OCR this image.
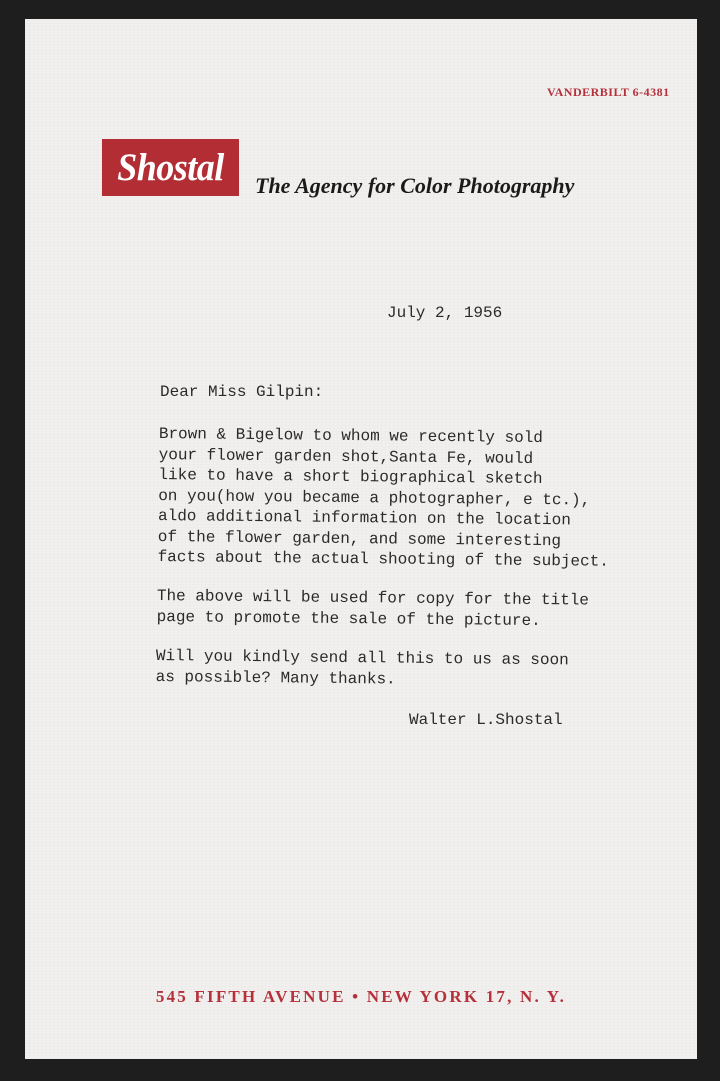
VANDERBILT 6-4381
Shostal	The Agency for Color Photography
July 2, 1956
Dear Miss Gilpin:
Brown & Bigelow to whom we recently sold
your flower garden shot,Santa Fe, would
like to have a short biographical sketch
on you(how you became a photographer, e tc.),
aldo additional information on the location
of the flower garden, and some interesting
facts about the actual shooting of the subject.
The above will be used for copy for the title
page to promote the sale of the picture.
Will you kindly send all this to us as soon
as possible? Many thanks.
Walter L.Shostal
545 FIFTH AVENUE • NEW YORK 17, N. Y.
